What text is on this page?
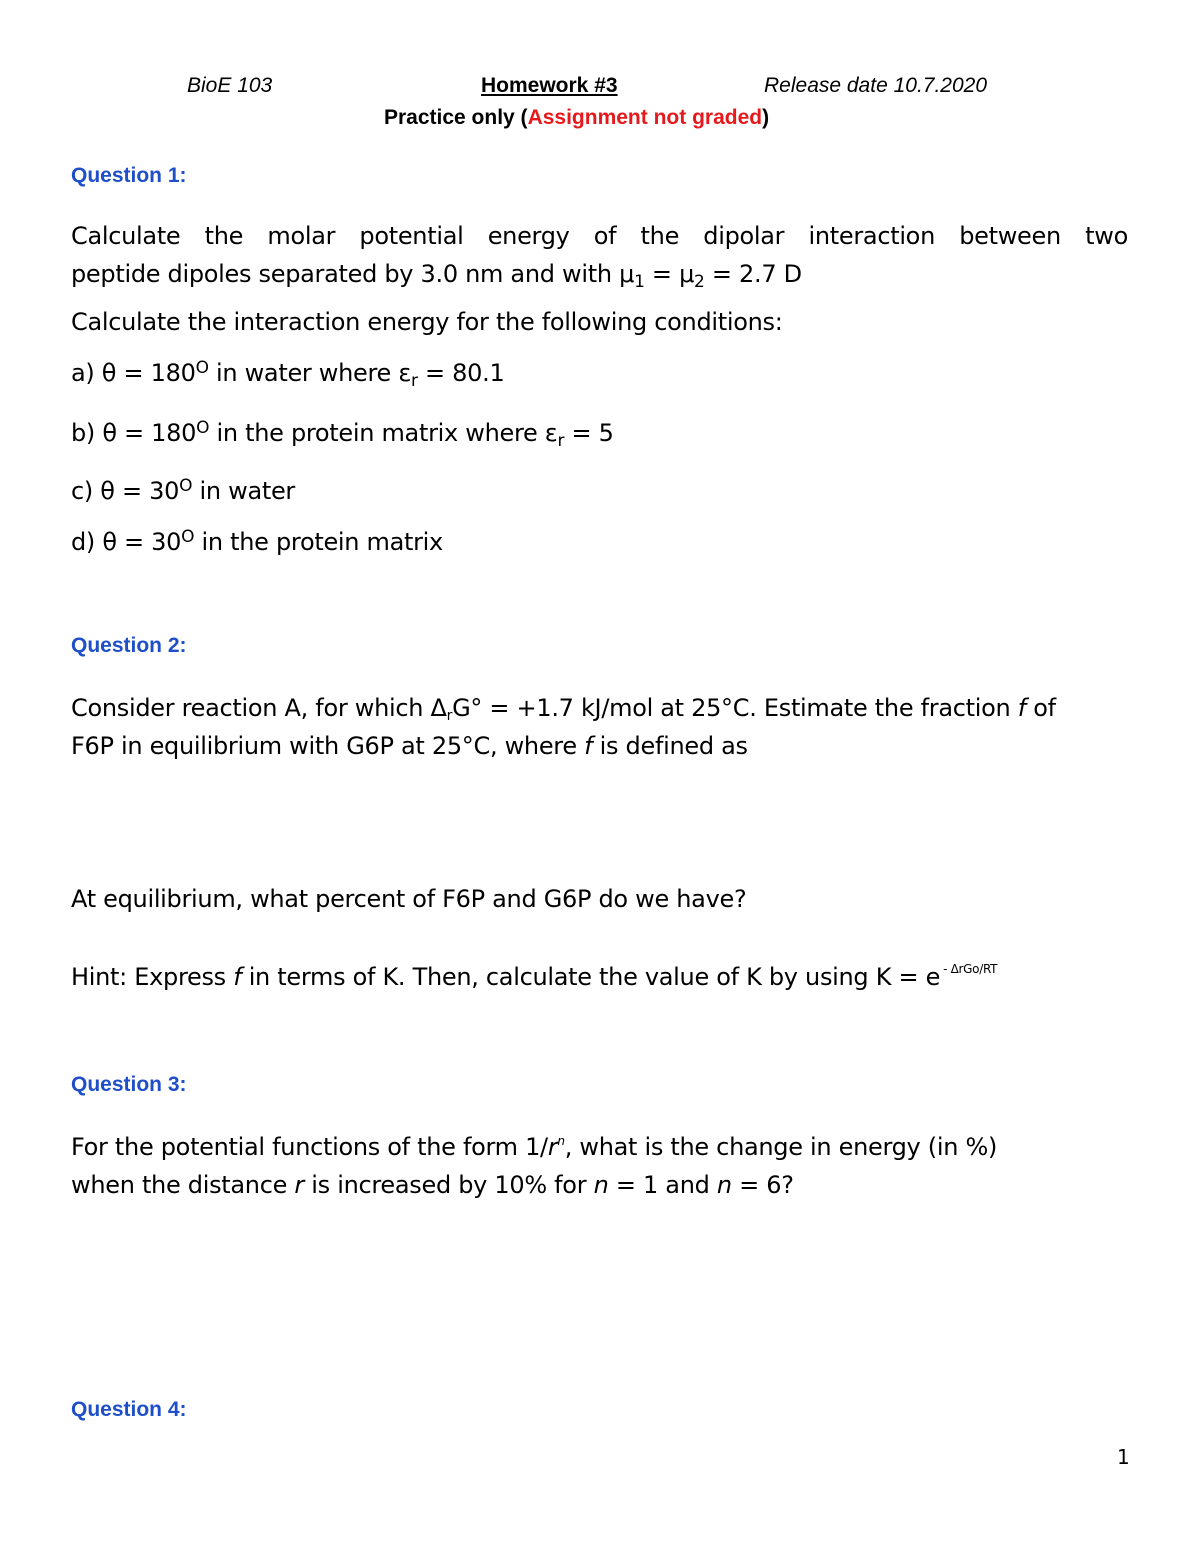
BioE 103	Homework #3	Release date 10.7.2020
Practice only (Assignment not graded)
Question 1:
Calculate the molar potential energy of the dipolar interaction between two
peptide dipoles separated by 3.0 nm and with $\mu_1 = \mu_2 = 2.7$ D
Calculate the interaction energy for the following conditions:
a) $\theta = 180^O$ in water where $\varepsilon_r = 80.1$
b) $\theta = 180^O$ in the protein matrix where $\varepsilon_r = 5$
c) $\theta = 30^O$ in water
d) $\theta = 30^O$ in the protein matrix
Question 2:
Consider reaction A, for which ΔrG° = +1.7 kJ/mol at 25°C. Estimate the fraction f of
F6P in equilibrium with G6P at 25°C, where f is defined as
At equilibrium, what percent of F6P and G6P do we have?
Hint: Express f in terms of K. Then, calculate the value of K by using K = e $^{- \Delta rGo/RT}$
Question 3:
For the potential functions of the form $1/r^n$, what is the change in energy (in %)
when the distance r is increased by 10% for n = 1 and n = 6?
Question 4:
1
